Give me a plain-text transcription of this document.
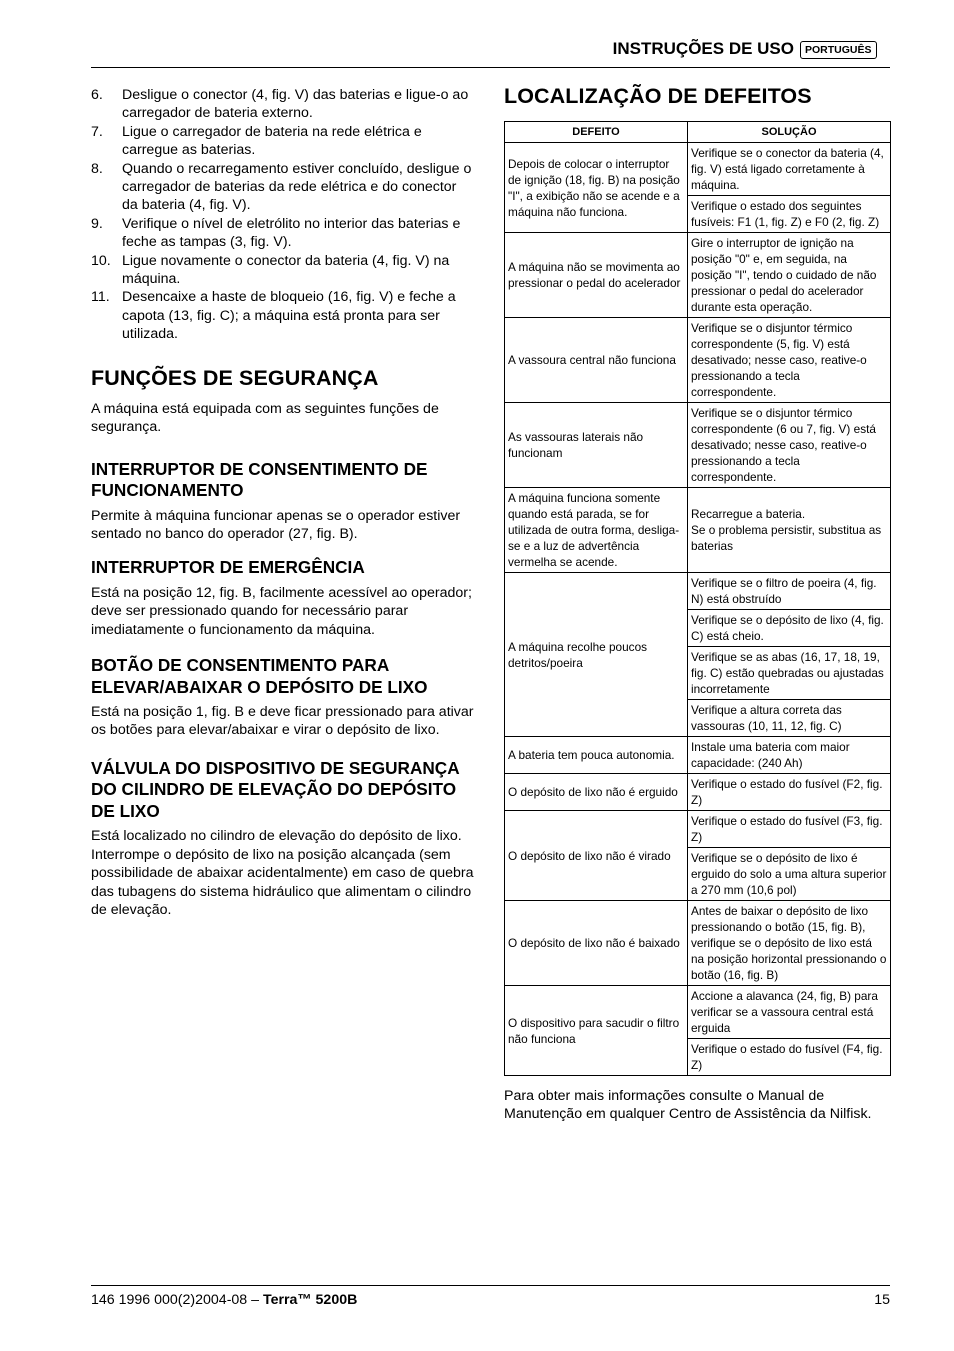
INSTRUÇÕES DE USO	PORTUGUÊS
6.	Desligue o conector (4, fig. V) das baterias e ligue-o ao carregador de bateria externo.
7.	Ligue o carregador de bateria na rede elétrica e carregue as baterias.
8.	Quando o recarregamento estiver concluído, desligue o carregador de baterias da rede elétrica e do conector da bateria (4, fig. V).
9.	Verifique o nível de eletrólito no interior das baterias e feche as tampas (3, fig. V).
10. Ligue novamente o conector da bateria (4, fig. V) na máquina.
11. Desencaixe a haste de bloqueio (16, fig. V) e feche a capota (13, fig. C); a máquina está pronta para ser utilizada.
FUNÇÕES DE SEGURANÇA

A máquina está equipada com as seguintes funções de segurança.

INTERRUPTOR DE CONSENTIMENTO DE FUNCIONAMENTO

Permite à máquina funcionar apenas se o operador estiver sentado no banco do operador (27, fig. B).

INTERRUPTOR DE EMERGÊNCIA

Está na posição 12, fig. B, facilmente acessível ao operador; deve ser pressionado quando for necessário parar imediatamente o funcionamento da máquina.

BOTÃO DE CONSENTIMENTO PARA ELEVAR/ABAIXAR O DEPÓSITO DE LIXO

Está na posição 1, fig. B e deve ficar pressionado para ativar os botões para elevar/abaixar e virar o depósito de lixo.

VÁLVULA DO DISPOSITIVO DE SEGURANÇA DO CILINDRO DE ELEVAÇÃO DO DEPÓSITO DE LIXO

Está localizado no cilindro de elevação do depósito de lixo.

Interrompe o depósito de lixo na posição alcançada (sem possibilidade de abaixar acidentalmente) em caso de quebra das tubagens do sistema hidráulico que alimentam o cilindro de elevação.

LOCALIZAÇÃO DE DEFEITOS
DEFEITO	SOLUÇÃO
Depois de colocar o interruptor de ignição (18, fig. B) na posição "I", a exibição não se acende e a máquina não funciona.	Verifique se o conector da bateria (4, fig. V) está ligado corretamente à máquina.
	Verifique o estado dos seguintes fusíveis: F1 (1, fig. Z) e F0 (2, fig. Z)
A máquina não se movimenta ao pressionar o pedal do acelerador	Gire o interruptor de ignição na posição "0" e, em seguida, na posição "I", tendo o cuidado de não pressionar o pedal do acelerador durante esta operação.
A vassoura central não funciona	Verifique se o disjuntor térmico correspondente (5, fig. V) está desativado; nesse caso, reative-o pressionando a tecla correspondente.
As vassouras laterais não funcionam	Verifique se o disjuntor térmico correspondente (6 ou 7, fig. V) está desativado; nesse caso, reative-o pressionando a tecla correspondente.
A máquina funciona somente quando está parada, se for utilizada de outra forma, desliga-se e a luz de advertência vermelha se acende.	Recarregue a bateria.
Se o problema persistir, substitua as baterias
A máquina recolhe poucos detritos/poeira	Verifique se o filtro de poeira (4, fig. N) está obstruído
	Verifique se o depósito de lixo (4, fig. C) está cheio.
	Verifique se as abas (16, 17, 18, 19, fig. C) estão quebradas ou ajustadas incorretamente
	Verifique a altura correta das vassouras (10, 11, 12, fig. C)
A bateria tem pouca autonomia.	Instale uma bateria com maior capacidade: (240 Ah)
O depósito de lixo não é erguido	Verifique o estado do fusível (F2, fig. Z)
O depósito de lixo não é virado	Verifique o estado do fusível (F3, fig. Z)
	Verifique se o depósito de lixo é erguido do solo a uma altura superior a 270 mm (10,6 pol)
O depósito de lixo não é baixado	Antes de baixar o depósito de lixo pressionando o botão (15, fig. B), verifique se o depósito de lixo está na posição horizontal pressionando o botão (16, fig. B)
O dispositivo para sacudir o filtro não funciona	Accione a alavanca (24, fig, B) para verificar se a vassoura central está erguida
	Verifique o estado do fusível (F4, fig. Z)

Para obter mais informações consulte o Manual de Manutenção em qualquer Centro de Assistência da Nilfisk.

146 1996 000(2)2004-08 – Terra™ 5200B	15
